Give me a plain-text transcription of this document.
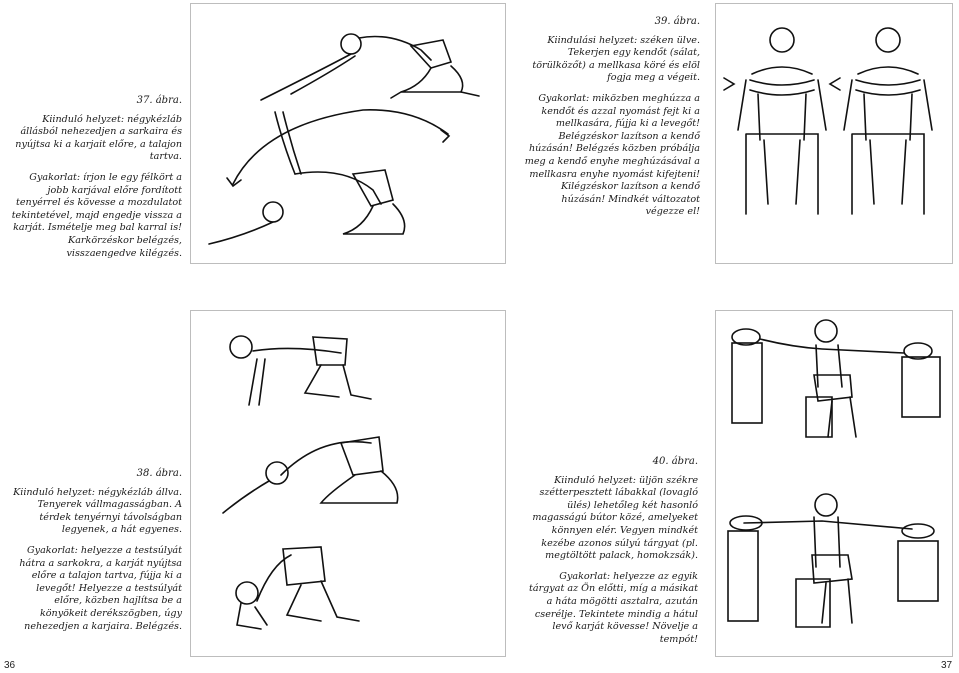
37. ábra.
Kiinduló helyzet: négykézláb állásból nehezedjen a sarkaira és nyújtsa ki a karjait előre, a talajon tartva.
Gyakorlat: írjon le egy félkört a jobb karjával előre fordított tenyérrel és kövesse a mozdulatot tekintetével, majd engedje vissza a karját. Ismételje meg bal karral is! Karkörzéskor belégzés, visszaengedve kilégzés.
38. ábra.
Kiinduló helyzet: négykézláb állva. Tenyerek vállmagasságban. A térdek tenyérnyi távolságban legyenek, a hát egyenes.
Gyakorlat: helyezze a testsúlyát hátra a sarkokra, a karját nyújtsa előre a talajon tartva, fújja ki a levegőt! Helyezze a testsúlyát előre, közben hajlítsa be a könyökeit derékszögben, úgy nehezedjen a karjaira. Belégzés.
39. ábra.
Kiindulási helyzet: széken ülve. Tekerjen egy kendőt (sálat, törülközőt) a mellkasa köré és elöl fogja meg a végeit.
Gyakorlat: miközben meghúzza a kendőt és azzal nyomást fejt ki a mellkasára, fújja ki a levegőt! Belégzéskor lazítson a kendő húzásán! Belégzés közben próbálja meg a kendő enyhe meghúzásával a mellkasra enyhe nyomást kifejteni! Kilégzéskor lazítson a kendő húzásán! Mindkét változatot végezze el!
40. ábra.
Kiinduló helyzet: üljön székre szétterpesztett lábakkal (lovagló ülés) lehetőleg két hasonló magasságú bútor közé, amelyeket könnyen elér. Vegyen mindkét kezébe azonos súlyú tárgyat (pl. megtöltött palack, homokzsák).
Gyakorlat: helyezze az egyik tárgyat az Ön előtti, míg a másikat a háta mögötti asztalra, azután cserélje. Tekintete mindig a hátul levő karját kövesse! Növelje a tempót!
36	37
